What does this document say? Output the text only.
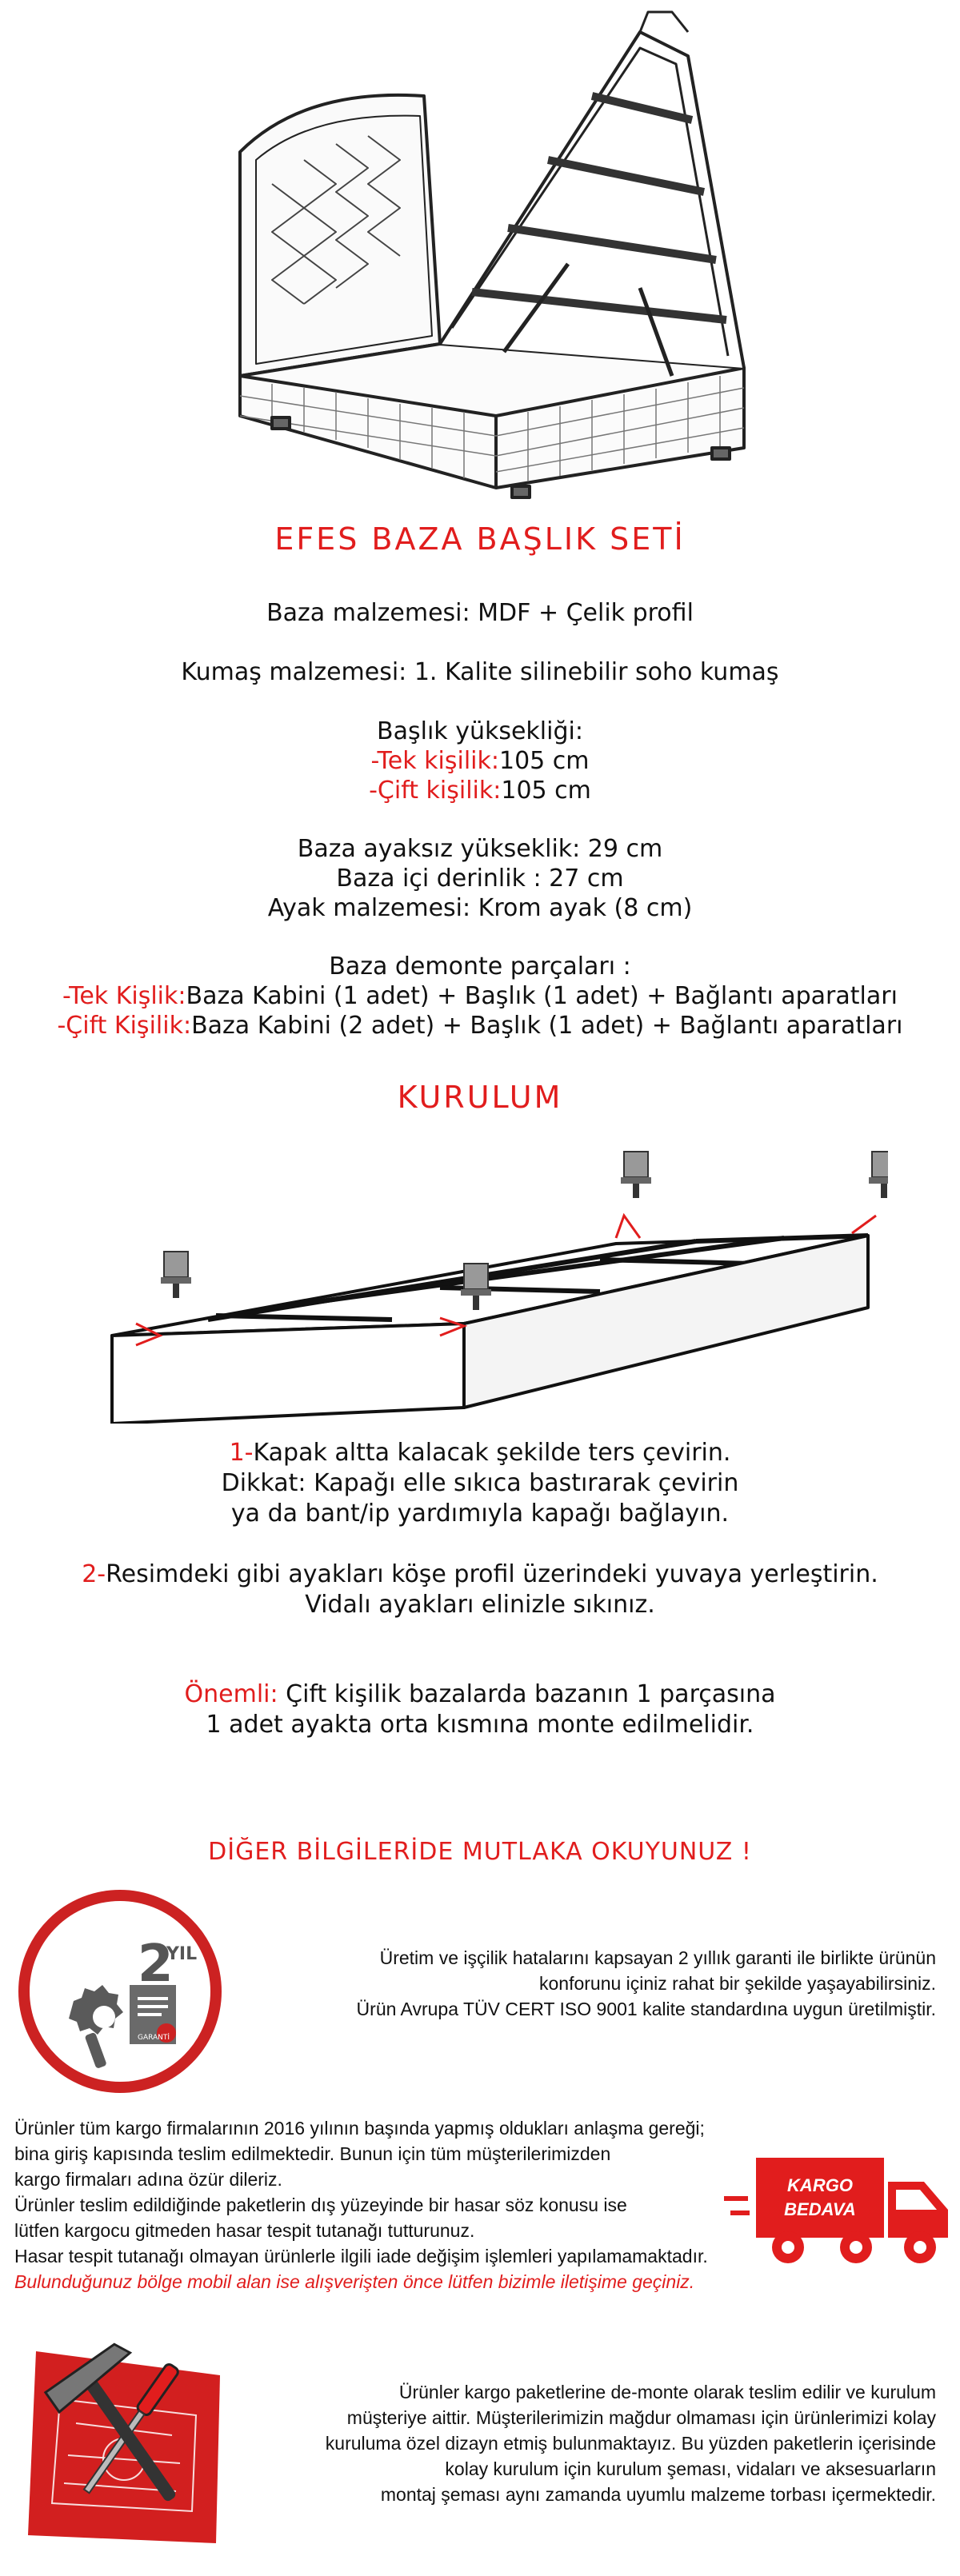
EFES BAZA BAŞLIK SETİ
Baza malzemesi: MDF + Çelik profil
Kumaş malzemesi: 1. Kalite silinebilir soho kumaş
Başlık yüksekliği:
-Tek kişilik:105 cm
-Çift kişilik:105 cm
Baza ayaksız yükseklik: 29 cm
Baza içi derinlik : 27 cm
Ayak malzemesi: Krom ayak (8 cm)
Baza demonte parçaları :
-Tek Kişlik:Baza Kabini (1 adet) + Başlık (1 adet) + Bağlantı aparatları
-Çift Kişilik:Baza Kabini (2 adet) + Başlık (1 adet) + Bağlantı aparatları
KURULUM
1-Kapak altta kalacak şekilde ters çevirin.
Dikkat: Kapağı elle sıkıca bastırarak çevirin
ya da bant/ip yardımıyla kapağı bağlayın.
2-Resimdeki gibi ayakları köşe profil üzerindeki yuvaya yerleştirin.
Vidalı ayakları elinizle sıkınız.
Önemli: Çift kişilik bazalarda bazanın 1 parçasına
1 adet ayakta orta kısmına monte edilmelidir.
DİĞER BİLGİLERİDE MUTLAKA OKUYUNUZ !
2
YIL
GARANTİ
Üretim ve işçilik hatalarını kapsayan 2 yıllık garanti ile birlikte ürünün
konforunu içiniz rahat bir şekilde yaşayabilirsiniz.
Ürün Avrupa TÜV CERT ISO 9001 kalite standardına uygun üretilmiştir.
Ürünler tüm kargo firmalarının 2016 yılının başında yapmış oldukları anlaşma gereği;
bina giriş kapısında teslim edilmektedir. Bunun için tüm müşterilerimizden
kargo firmaları adına özür dileriz.
Ürünler teslim edildiğinde paketlerin dış yüzeyinde bir hasar söz konusu ise
lütfen kargocu gitmeden hasar tespit tutanağı tutturunuz.
Hasar tespit tutanağı olmayan ürünlerle ilgili iade değişim işlemleri yapılamamaktadır.
Bulunduğunuz bölge mobil alan ise alışverişten önce lütfen bizimle iletişime geçiniz.
KARGO
BEDAVA
Ürünler kargo paketlerine de-monte olarak teslim edilir ve kurulum
müşteriye aittir. Müşterilerimizin mağdur olmaması için ürünlerimizi kolay
kuruluma özel dizayn etmiş bulunmaktayız. Bu yüzden paketlerin içerisinde
kolay kurulum için kurulum şeması, vidaları ve aksesuarların
montaj şeması aynı zamanda uyumlu malzeme torbası içermektedir.
